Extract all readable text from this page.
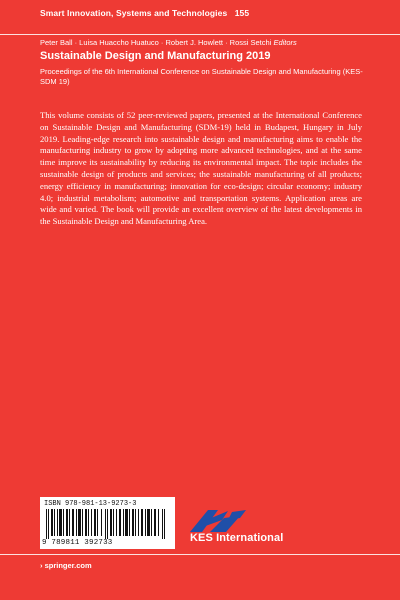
Smart Innovation, Systems and Technologies 155
Peter Ball · Luisa Huaccho Huatuco · Robert J. Howlett · Rossi Setchi Editors
Sustainable Design and Manufacturing 2019
Proceedings of the 6th International Conference on Sustainable Design and Manufacturing (KES-SDM 19)
This volume consists of 52 peer-reviewed papers, presented at the International Conference on Sustainable Design and Manufacturing (SDM-19) held in Budapest, Hungary in July 2019. Leading-edge research into sustainable design and manufacturing aims to enable the manufacturing industry to grow by adopting more advanced technologies, and at the same time improve its sustainability by reducing its environmental impact. The topic includes the sustainable design of products and services; the sustainable manufacturing of all products; energy efficiency in manufacturing; innovation for eco-design; circular economy; industry 4.0; industrial metabolism; automotive and transportation systems. Application areas are wide and varied. The book will provide an excellent overview of the latest developments in the Sustainable Design and Manufacturing Area.
ISBN 978-981-13-9273-3
9 789811 392733	KES International
› springer.com
